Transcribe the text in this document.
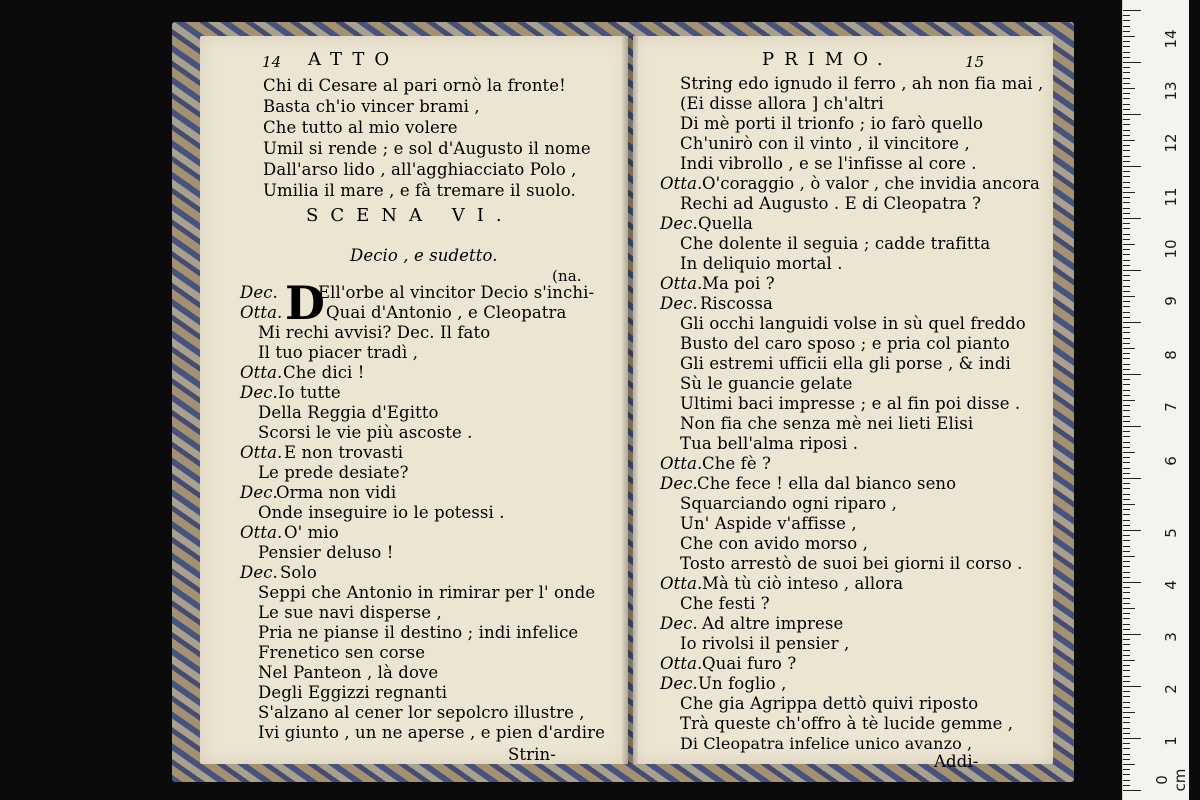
14 ATTO
Chi di Cesare al pari ornò la fronte!
Basta ch'io vincer brami ,
Che tutto al mio volere
Umil si rende ; e sol d'Augusto il nome
Dall'arso lido , all'agghiacciato Polo ,
Umilia il mare , e fà tremare il suolo.
SCENA VI.
Decio , e sudetto.
(na.
D
Dec. Ell'orbe al vincitor Decio s'inchi-
Otta.	Quai d'Antonio , e Cleopatra
Mi rechi avvisi? Dec. Il fato
Il tuo piacer tradì ,
Otta. Che dici !
Dec. Io tutte
Della Reggia d'Egitto
Scorsi le vie più ascoste .
Otta. E non trovasti
Le prede desiate?
Dec.
Orma non vidi
Onde inseguire io le potessi .
Otta. O' mio
Pensier deluso !
Dec. Solo
Seppi che Antonio in rimirar per l' onde
Le sue navi disperse ,
Pria ne pianse il destino ; indi infelice
Frenetico sen corse
Nel Panteon , là dove
Degli Eggizzi regnanti
S'alzano al cener lor sepolcro illustre ,
Ivi giunto , un ne aperse , e pien d'ardire
Strin-
PRIMO.	15
String edo ignudo il ferro , ah non fia mai ,
(Ei disse allora ] ch'altri
Di mè porti il trionfo ; io farò quello
Ch'unirò con il vinto , il vincitore ,
Indi vibrollo , e se l'infisse al core .
Otta. O'coraggio , ò valor , che invidia ancora
Rechi ad Augusto . E di Cleopatra ?
Dec. Quella
Che dolente il seguia ; cadde trafitta
In deliquio mortal .
Otta. Ma poi ?
Dec. Riscossa
Gli occhi languidi volse in sù quel freddo
Busto del caro sposo ; e pria col pianto
Gli estremi ufficii ella gli porse , & indi
Sù le guancie gelate
Ultimi baci impresse ; e al fin poi disse .
Non fia che senza mè nei lieti Elisi
Tua bell'alma riposi .
Otta. Che fè ?
Dec. Che fece ! ella dal bianco seno
Squarciando ogni riparo ,
Un' Aspide v'affisse ,
Che con avido morso ,
Tosto arrestò de suoi bei giorni il corso .
Otta. Mà tù ciò inteso , allora
Che festi ?
Dec. Ad altre imprese
Io rivolsi il pensier ,
Otta. Quai furo ?
Dec. Un foglio ,
Che gia Agrippa dettò quivi riposto
Trà queste ch'offro à tè lucide gemme ,
Di Cleopatra infelice unico avanzo ,
Addi-
0 cm
1
2
3
4
5
6
7
8
9
10
11
12
13
14
